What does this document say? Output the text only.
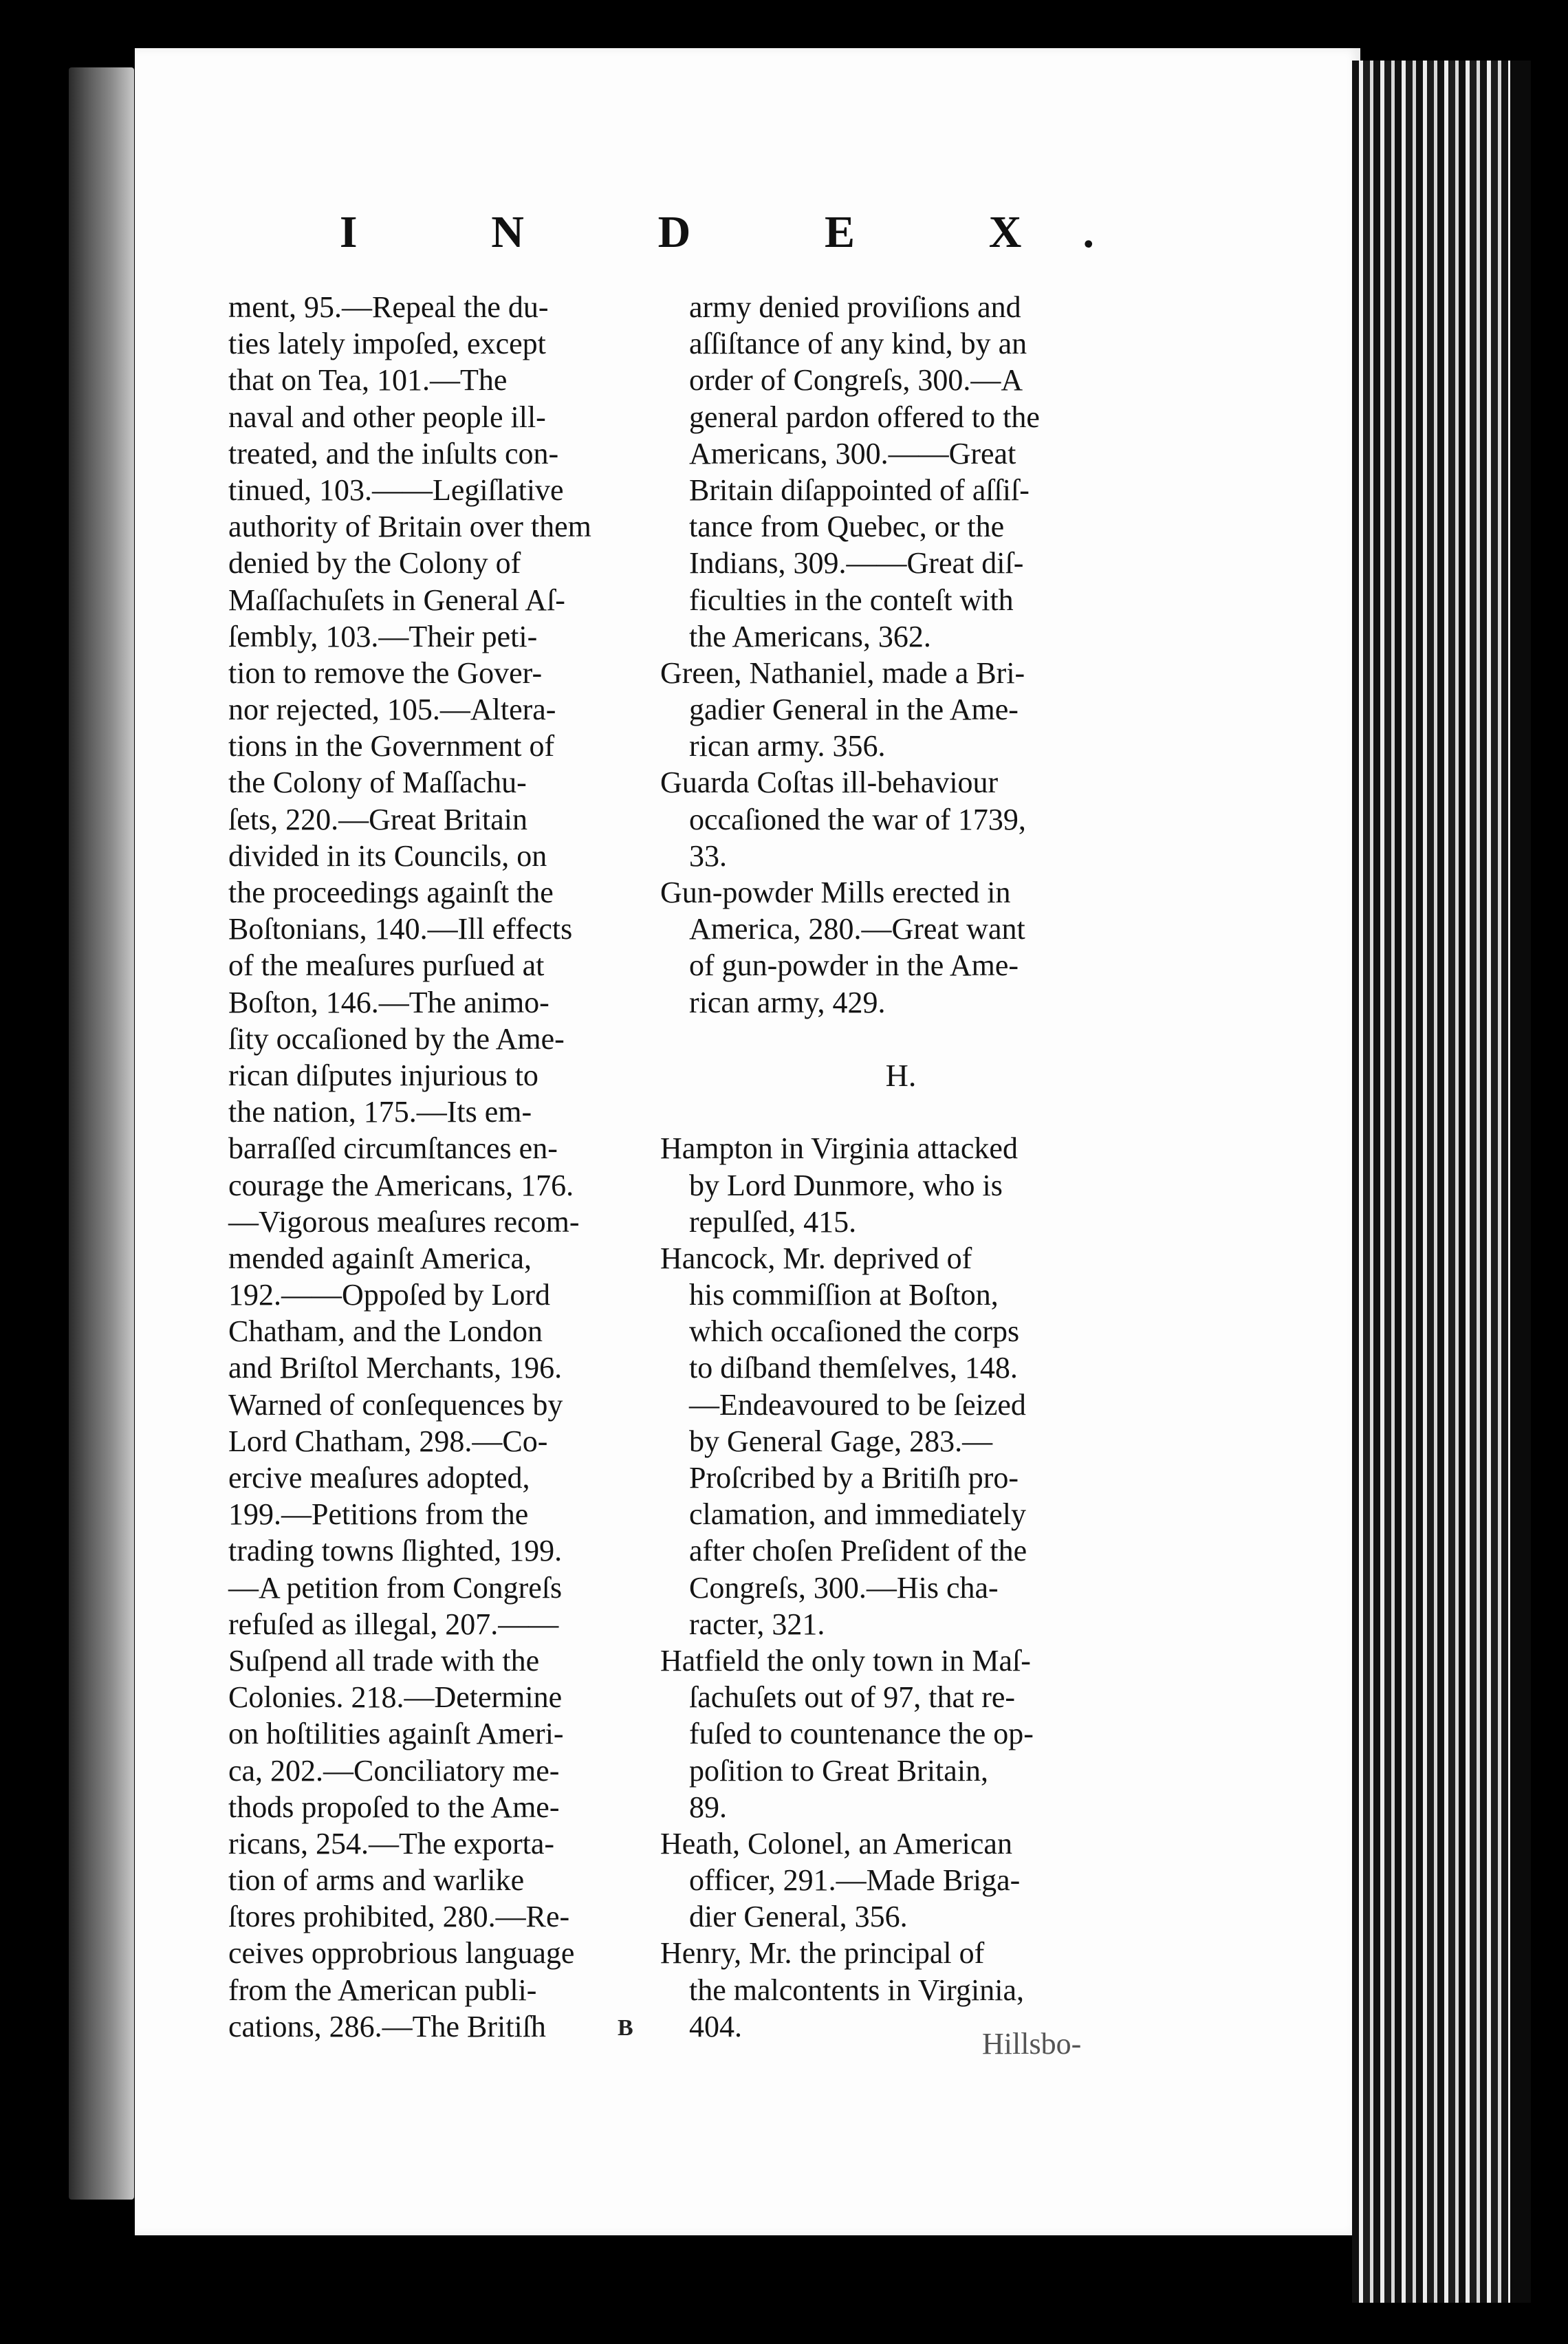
I N D E X.
ment, 95.—Repeal the du-
ties lately impoſed, except
that on Tea, 101.—The
naval and other people ill-
treated, and the inſults con-
tinued, 103.——Legiſlative
authority of Britain over them
denied by the Colony of
Maſſachuſets in General Aſ-
ſembly, 103.—Their peti-
tion to remove the Gover-
nor rejected, 105.—Altera-
tions in the Government of
the Colony of Maſſachu-
ſets, 220.—Great Britain
divided in its Councils, on
the proceedings againſt the
Boſtonians, 140.—Ill effects
of the meaſures purſued at
Boſton, 146.—The animo-
ſity occaſioned by the Ame-
rican diſputes injurious to
the nation, 175.—Its em-
barraſſed circumſtances en-
courage the Americans, 176.
—Vigorous meaſures recom-
mended againſt America,
192.——Oppoſed by Lord
Chatham, and the London
and Briſtol Merchants, 196.
Warned of conſequences by
Lord Chatham, 298.—Co-
ercive meaſures adopted,
199.—Petitions from the
trading towns ſlighted, 199.
—A petition from Congreſs
refuſed as illegal, 207.——
Suſpend all trade with the
Colonies. 218.—Determine
on hoſtilities againſt Ameri-
ca, 202.—Conciliatory me-
thods propoſed to the Ame-
ricans, 254.—The exporta-
tion of arms and warlike
ſtores prohibited, 280.—Re-
ceives opprobrious language
from the American publi-
cations, 286.—The Britiſh
army denied proviſions and
aſſiſtance of any kind, by an
order of Congreſs, 300.—A
general pardon offered to the
Americans, 300.——Great
Britain diſappointed of aſſiſ-
tance from Quebec, or the
Indians, 309.——Great diſ-
ficulties in the conteſt with
the Americans, 362.
Green, Nathaniel, made a Bri-
gadier General in the Ame-
rican army. 356.
Guarda Coſtas ill-behaviour
occaſioned the war of 1739,
33.
Gun-powder Mills erected in
America, 280.—Great want
of gun-powder in the Ame-
rican army, 429.
H.
Hampton in Virginia attacked
by Lord Dunmore, who is
repulſed, 415.
Hancock, Mr. deprived of
his commiſſion at Boſton,
which occaſioned the corps
to diſband themſelves, 148.
—Endeavoured to be ſeized
by General Gage, 283.—
Proſcribed by a Britiſh pro-
clamation, and immediately
after choſen Preſident of the
Congreſs, 300.—His cha-
racter, 321.
Hatfield the only town in Maſ-
ſachuſets out of 97, that re-
fuſed to countenance the op-
poſition to Great Britain,
89.
Heath, Colonel, an American
officer, 291.—Made Briga-
dier General, 356.
Henry, Mr. the principal of
the malcontents in Virginia,
404.
B	Hillsbo-
